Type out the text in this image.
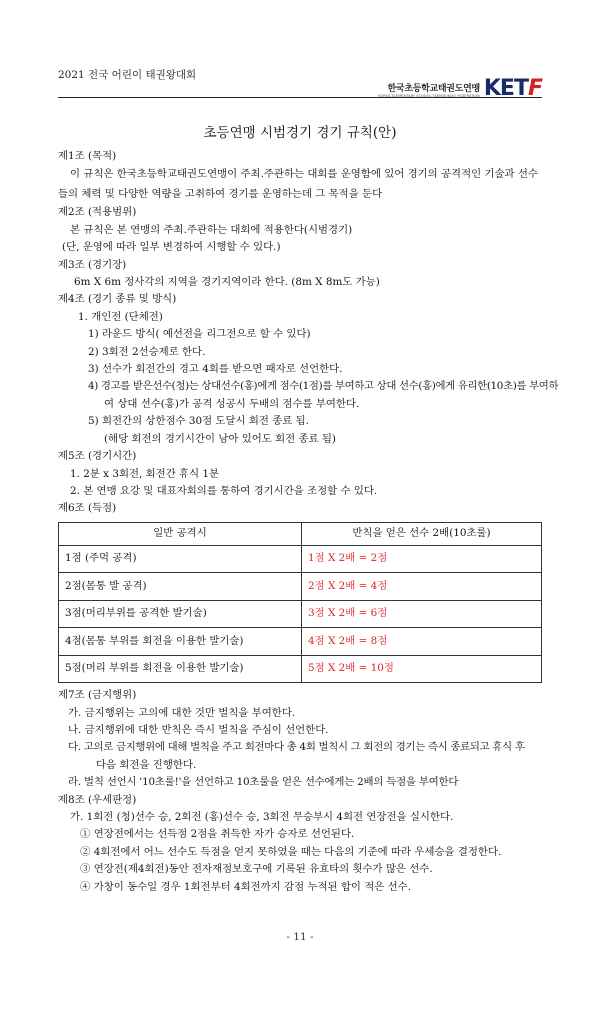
2021 전국 어린이 태권왕대회
한국초등학교태권도연맹
KOREA ELEMENTARY SCHOOL TAEKWONDO FEDERATION KETF
초등연맹 시범경기 경기 규칙(안)

제1조 (목적)

이 규칙은 한국초등학교태권도연맹이 주최.주관하는 대회를 운영함에 있어 경기의 공격적인 기술과 선수들의 체력 및 다양한 역량을 고취하여 경기를 운영하는데 그 목적을 둔다

제2조 (적용범위)

본 규칙은 본 연맹의 주최.주관하는 대회에 적용한다(시범경기)

(단, 운영에 따라 일부 변경하여 시행할 수 있다.)

제3조 (경기장)

6m X 6m 정사각의 지역을 경기지역이라 한다. (8m X 8m도 가능)

제4조 (경기 종류 및 방식)

1. 개인전 (단체전)

1) 라운드 방식( 예선전을 리그전으로 할 수 있다)

2) 3회전 2선승제로 한다.

3) 선수가 회전간의 경고 4회를 받으면 패자로 선언한다.

4) 경고를 받은선수(청)는 상대선수(홍)에게 점수(1점)를 부여하고 상대 선수(홍)에게 유리한(10초)를 부여하

여 상대 선수(홍)가 공격 성공시 두배의 점수를 부여한다.

5) 회전간의 상한점수 30점 도달시 회전 종료 됨.

(해당 회전의 경기시간이 남아 있어도 회전 종료 됨)

제5조 (경기시간)

1. 2분 x 3회전, 회전간 휴식 1분

2. 본 연맹 요강 및 대표자회의를 통하여 경기시간을 조정할 수 있다.

제6조 (득점)

일반 공격시	반칙을 얻은 선수 2배(10초룰)
1점 (주먹 공격)	1점 X 2배 = 2점
2점(몸통 발 공격)	2점 X 2배 = 4점
3점(머리부위를 공격한 발기술)	3점 X 2배 = 6점
4점(몸통 부위를 회전을 이용한 발기술)	4점 X 2배 = 8점
5점(머리 부위를 회전을 이용한 발기술)	5점 X 2배 = 10점

제7조 (금지행위)

가. 금지행위는 고의에 대한 것만 벌칙을 부여한다.

나. 금지행위에 대한 반칙은 즉시 벌칙을 주심이 선언한다.

다. 고의로 금지행위에 대해 벌칙을 주고 회전마다 총 4회 벌칙시 그 회전의 경기는 즉시 종료되고 휴식 후

다음 회전을 진행한다.

라. 벌칙 선언시 '10초룰!'을 선언하고 10초룰을 얻은 선수에게는 2배의 득점을 부여한다

제8조 (우세판정)

가. 1회전 (청)선수 승, 2회전 (홍)선수 승, 3회전 무승부시 4회전 연장전을 실시한다.

① 연장전에서는 선득점 2점을 취득한 자가 승자로 선언된다.

② 4회전에서 어느 선수도 득점을 얻지 못하였을 때는 다음의 기준에 따라 우세승을 결정한다.

③ 연장전(제4회전)동안 전자재점보호구에 기록된 유효타의 횟수가 많은 선수.

④ 가창이 동수일 경우 1회전부터 4회전까지 감점 누적된 합이 적은 선수.

- 11 -
